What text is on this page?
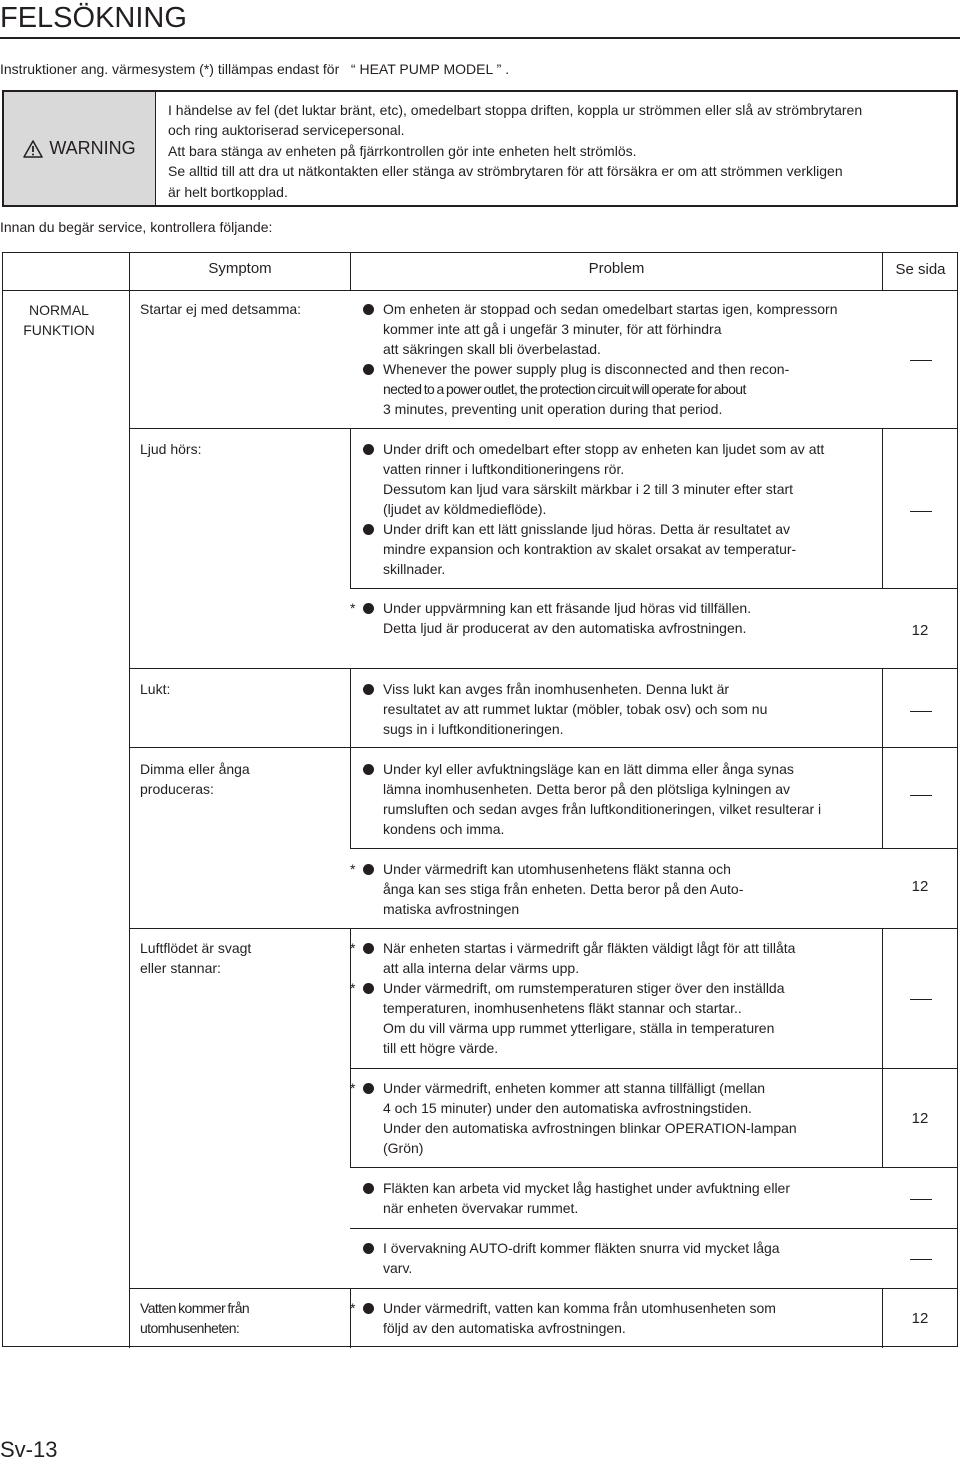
FELSÖKNING
Instruktioner ang. värmesystem (*) tillämpas endast för   “ HEAT PUMP MODEL ” .
WARNING

I händelse av fel (det luktar bränt, etc), omedelbart stoppa driften, koppla ur strömmen eller slå av strömbrytaren

och ring auktoriserad servicepersonal.

Att bara stänga av enheten på fjärrkontrollen gör inte enheten helt strömlös.

Se alltid till att dra ut nätkontakten eller stänga av strömbrytaren för att försäkra er om att strömmen verkligen

är helt bortkopplad.

Innan du begär service, kontrollera följande:
Symptom	Problem	Se sida
NORMAL
FUNKTION
Startar ej med detsamma:
Ljud hörs:
Lukt:
Dimma eller ånga
produceras:
Luftflödet är svagt
eller stannar:
Vatten kommer från
utomhusenheten:
Om enheten är stoppad och sedan omedelbart startas igen, kompressorn
kommer inte att gå i ungefär 3 minuter, för att förhindra
att säkringen skall bli överbelastad.
Whenever the power supply plug is disconnected and then recon-
nected to a power outlet, the protection circuit will operate for about
3 minutes, preventing unit operation during that period.
Under drift och omedelbart efter stopp av enheten kan ljudet som av att
vatten rinner i luftkonditioneringens rör.
Dessutom kan ljud vara särskilt märkbar i 2 till 3 minuter efter start
(ljudet av köldmedieflöde).
Under drift kan ett lätt gnisslande ljud höras. Detta är resultatet av
mindre expansion och kontraktion av skalet orsakat av temperatur-
skillnader.
* Under uppvärmning kan ett fräsande ljud höras vid tillfällen.
Detta ljud är producerat av den automatiska avfrostningen.
Viss lukt kan avges från inomhusenheten. Denna lukt är
resultatet av att rummet luktar (möbler, tobak osv) och som nu
sugs in i luftkonditioneringen.
Under kyl eller avfuktningsläge kan en lätt dimma eller ånga synas
lämna inomhusenheten. Detta beror på den plötsliga kylningen av
rumsluften och sedan avges från luftkonditioneringen, vilket resulterar i
kondens och imma.
* Under värmedrift kan utomhusenhetens fläkt stanna och
ånga kan ses stiga från enheten. Detta beror på den Auto-
matiska avfrostningen
* När enheten startas i värmedrift går fläkten väldigt lågt för att tillåta
att alla interna delar värms upp.
* Under värmedrift, om rumstemperaturen stiger över den inställda
temperaturen, inomhusenhetens fläkt stannar och startar..
Om du vill värma upp rummet ytterligare, ställa in temperaturen
till ett högre värde.
* Under värmedrift, enheten kommer att stanna tillfälligt (mellan
4 och 15 minuter) under den automatiska avfrostningstiden.
Under den automatiska avfrostningen blinkar OPERATION-lampan
(Grön)
Fläkten kan arbeta vid mycket låg hastighet under avfuktning eller
när enheten övervakar rummet.
I övervakning AUTO-drift kommer fläkten snurra vid mycket låga
varv.
* Under värmedrift, vatten kan komma från utomhusenheten som
följd av den automatiska avfrostningen.
12
12
12
12
Sv-13
